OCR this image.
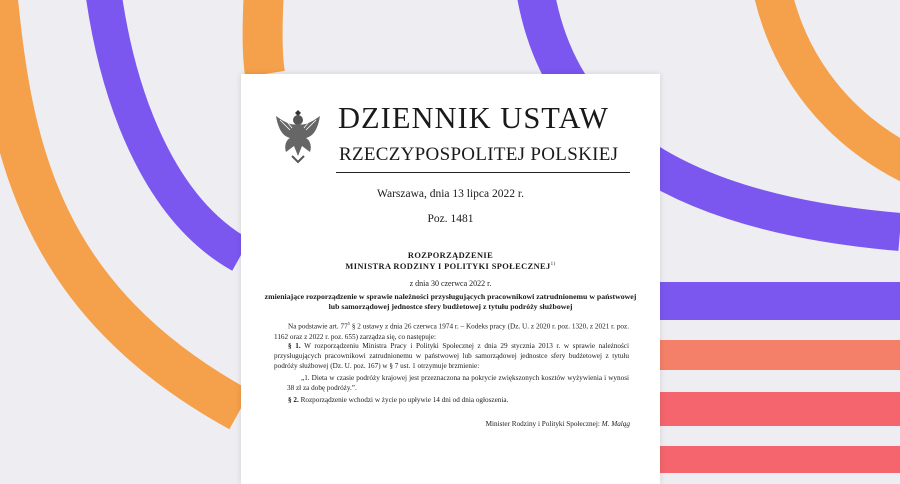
DZIENNIK USTAW
RZECZYPOSPOLITEJ POLSKIEJ
Warszawa, dnia 13 lipca 2022 r.
Poz. 1481
ROZPORZĄDZENIE
MINISTRA RODZINY I POLITYKI SPOŁECZNEJ$^{1)}$
z dnia 30 czerwca 2022 r.
zmieniające rozporządzenie w sprawie należności przysługujących pracownikowi zatrudnionemu w państwowej
lub samorządowej jednostce sfery budżetowej z tytułu podróży służbowej
Na podstawie art. $77^5$ § 2 ustawy z dnia 26 czerwca 1974 r. – Kodeks pracy (Dz. U. z 2020 r. poz. 1320, z 2021 r. poz. 1162 oraz z 2022 r. poz. 655) zarządza się, co następuje:
§ 1. W rozporządzeniu Ministra Pracy i Polityki Społecznej z dnia 29 stycznia 2013 r. w sprawie należności przysługujących pracownikowi zatrudnionemu w państwowej lub samorządowej jednostce sfery budżetowej z tytułu podróży służbowej (Dz. U. poz. 167) w § 7 ust. 1 otrzymuje brzmienie:
„1. Dieta w czasie podróży krajowej jest przeznaczona na pokrycie zwiększonych kosztów wyżywienia i wynosi 38 zł za dobę podróży.”.
§ 2. Rozporządzenie wchodzi w życie po upływie 14 dni od dnia ogłoszenia.
Minister Rodziny i Polityki Społecznej: M. Maląg
